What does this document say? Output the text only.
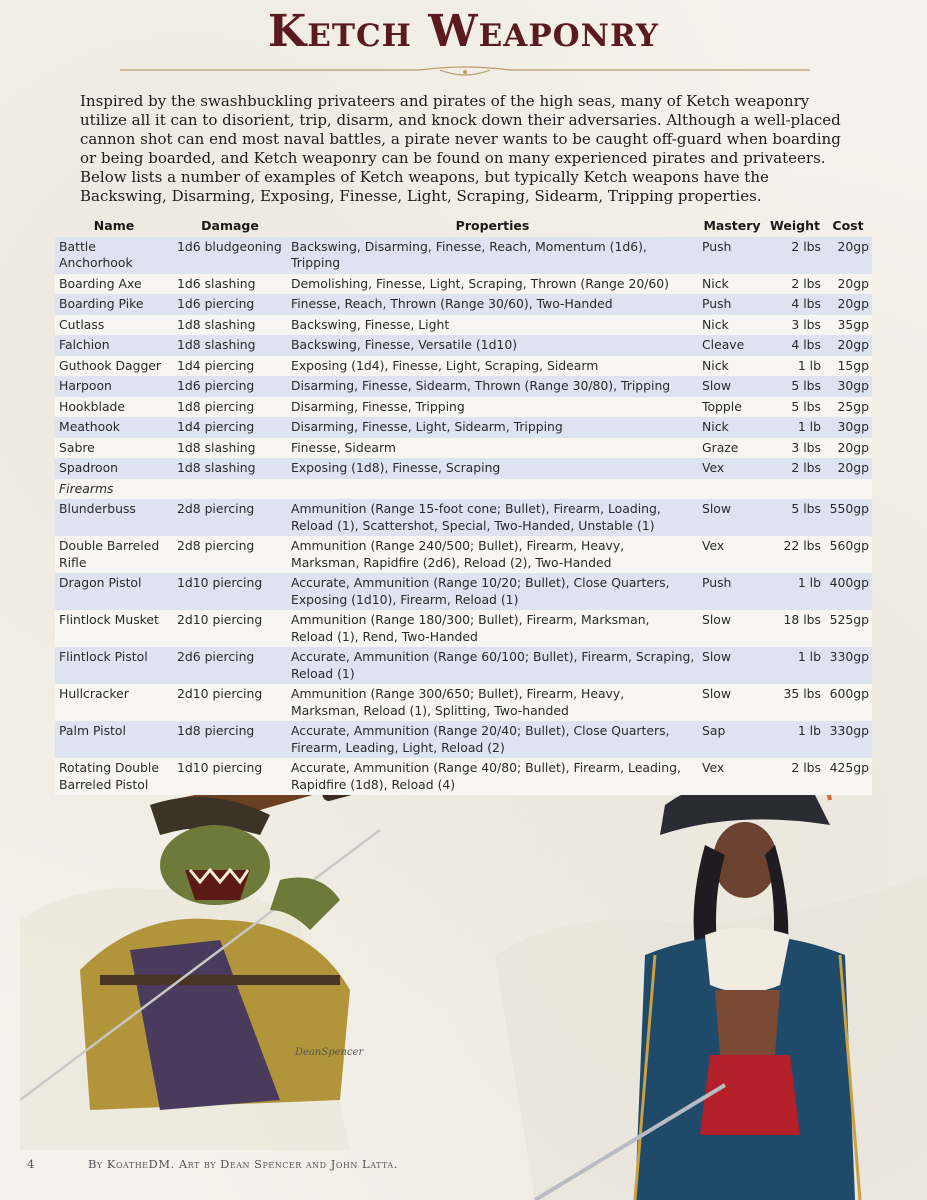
Ketch Weaponry
Inspired by the swashbuckling privateers and pirates of the high seas, many of Ketch weaponry utilize all it can to disorient, trip, disarm, and knock down their adversaries. Although a well-placed cannon shot can end most naval battles, a pirate never wants to be caught off-guard when boarding or being boarded, and Ketch weaponry can be found on many experienced pirates and privateers. Below lists a number of examples of Ketch weapons, but typically Ketch weapons have the Backswing, Disarming, Exposing, Finesse, Light, Scraping, Sidearm, Tripping properties.
DeanSpencer
Name	Damage	Properties	Mastery	Weight	Cost
Battle Anchorhook	1d6 bludgeoning	Backswing, Disarming, Finesse, Reach, Momentum (1d6), Tripping	Push	2 lbs	20gp
Boarding Axe	1d6 slashing	Demolishing, Finesse, Light, Scraping, Thrown (Range 20/60)	Nick	2 lbs	20gp
Boarding Pike	1d6 piercing	Finesse, Reach, Thrown (Range 30/60), Two-Handed	Push	4 lbs	20gp
Cutlass	1d8 slashing	Backswing, Finesse, Light	Nick	3 lbs	35gp
Falchion	1d8 slashing	Backswing, Finesse, Versatile (1d10)	Cleave	4 lbs	20gp
Guthook Dagger	1d4 piercing	Exposing (1d4), Finesse, Light, Scraping, Sidearm	Nick	1 lb	15gp
Harpoon	1d6 piercing	Disarming, Finesse, Sidearm, Thrown (Range 30/80), Tripping	Slow	5 lbs	30gp
Hookblade	1d8 piercing	Disarming, Finesse, Tripping	Topple	5 lbs	25gp
Meathook	1d4 piercing	Disarming, Finesse, Light, Sidearm, Tripping	Nick	1 lb	30gp
Sabre	1d8 slashing	Finesse, Sidearm	Graze	3 lbs	20gp
Spadroon	1d8 slashing	Exposing (1d8), Finesse, Scraping	Vex	2 lbs	20gp
Firearms					
Blunderbuss	2d8 piercing	Ammunition (Range 15-foot cone; Bullet), Firearm, Loading, Reload (1), Scattershot, Special, Two-Handed, Unstable (1)	Slow	5 lbs	550gp
Double Barreled Rifle	2d8 piercing	Ammunition (Range 240/500; Bullet), Firearm, Heavy, Marksman, Rapidfire (2d6), Reload (2), Two-Handed	Vex	22 lbs	560gp
Dragon Pistol	1d10 piercing	Accurate, Ammunition (Range 10/20; Bullet), Close Quarters, Exposing (1d10), Firearm, Reload (1)	Push	1 lb	400gp
Flintlock Musket	2d10 piercing	Ammunition (Range 180/300; Bullet), Firearm, Marksman, Reload (1), Rend, Two-Handed	Slow	18 lbs	525gp
Flintlock Pistol	2d6 piercing	Accurate, Ammunition (Range 60/100; Bullet), Firearm, Scraping, Reload (1)	Slow	1 lb	330gp
Hullcracker	2d10 piercing	Ammunition (Range 300/650; Bullet), Firearm, Heavy, Marksman, Reload (1), Splitting, Two-handed	Slow	35 lbs	600gp
Palm Pistol	1d8 piercing	Accurate, Ammunition (Range 20/40; Bullet), Close Quarters, Firearm, Leading, Light, Reload (2)	Sap	1 lb	330gp
Rotating Double Barreled Pistol	1d10 piercing	Accurate, Ammunition (Range 40/80; Bullet), Firearm, Leading, Rapidfire (1d8), Reload (4)	Vex	2 lbs	425gp
4	By KoatheDM. Art by Dean Spencer and John Latta.
